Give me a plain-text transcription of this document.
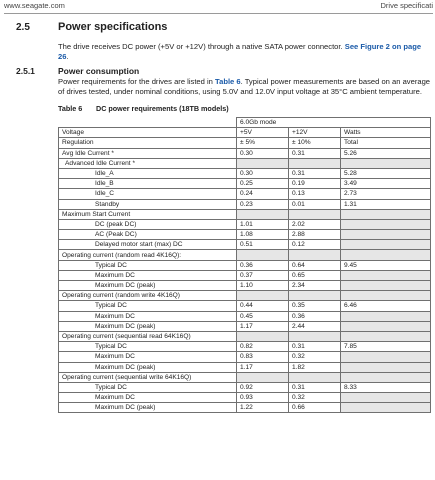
www.seagate.com	Drive specificati
2.5	Power specifications
The drive receives DC power (+5V or +12V) through a native SATA power connector. See Figure 2 on page 26.
2.5.1	Power consumption
Power requirements for the drives are listed in Table 6. Typical power measurements are based on an average of drives tested, under nominal conditions, using 5.0V and 12.0V input voltage at 35°C ambient temperature.
Table 6 DC power requirements (18TB models)
	6.0Gb mode		
Voltage	+5V	+12V	Watts
Regulation	± 5%	± 10%	Total
Avg Idle Current *	0.30	0.31	5.26
Advanced Idle Current *			
Idle_A	0.30	0.31	5.28
Idle_B	0.25	0.19	3.49
Idle_C	0.24	0.13	2.73
Standby	0.23	0.01	1.31
Maximum Start Current			
DC (peak DC)	1.01	2.02	
AC (Peak DC)	1.08	2.88	
Delayed motor start (max) DC	0.51	0.12	
Operating current (random read 4K16Q):			
Typical DC	0.36	0.64	9.45
Maximum DC	0.37	0.65	
Maximum DC (peak)	1.10	2.34	
Operating current (random write 4K16Q)			
Typical DC	0.44	0.35	6.46
Maximum DC	0.45	0.36	
Maximum DC (peak)	1.17	2.44	
Operating current (sequential read 64K16Q)			
Typical DC	0.82	0.31	7.85
Maximum DC	0.83	0.32	
Maximum DC (peak)	1.17	1.82	
Operating current (sequential write 64K16Q)			
Typical DC	0.92	0.31	8.33
Maximum DC	0.93	0.32	
Maximum DC (peak)	1.22	0.66	
